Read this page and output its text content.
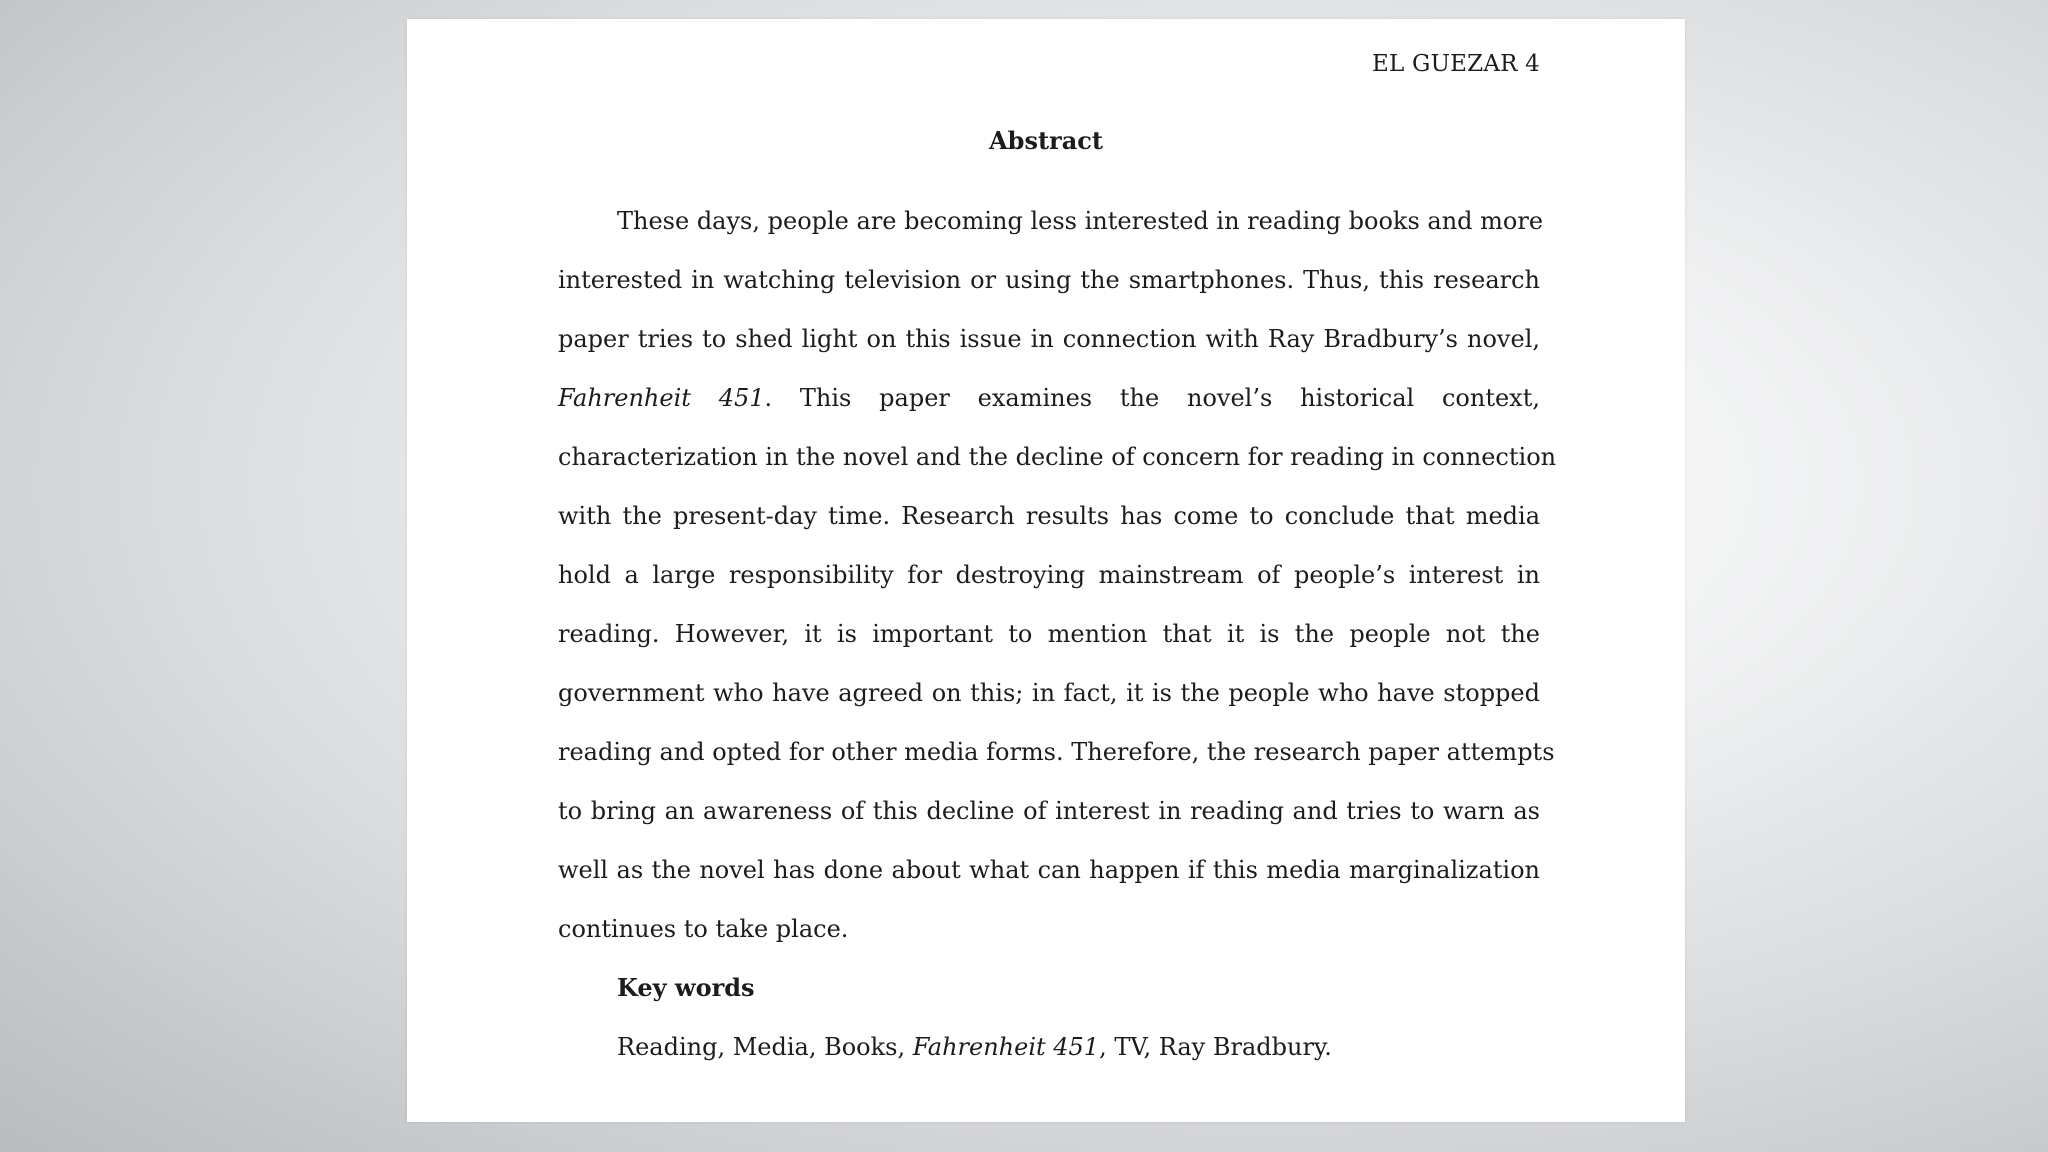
EL GUEZAR 4
Abstract
These days, people are becoming less interested in reading books and more
interested in watching television or using the smartphones. Thus, this research
paper tries to shed light on this issue in connection with Ray Bradbury’s novel,
Fahrenheit 451. This paper examines the novel’s historical context,
characterization in the novel and the decline of concern for reading in connection
with the present-day time. Research results has come to conclude that media
hold a large responsibility for destroying mainstream of people’s interest in
reading. However, it is important to mention that it is the people not the
government who have agreed on this; in fact, it is the people who have stopped
reading and opted for other media forms. Therefore, the research paper attempts
to bring an awareness of this decline of interest in reading and tries to warn as
well as the novel has done about what can happen if this media marginalization
continues to take place.
Key words
Reading, Media, Books, Fahrenheit 451, TV, Ray Bradbury.
